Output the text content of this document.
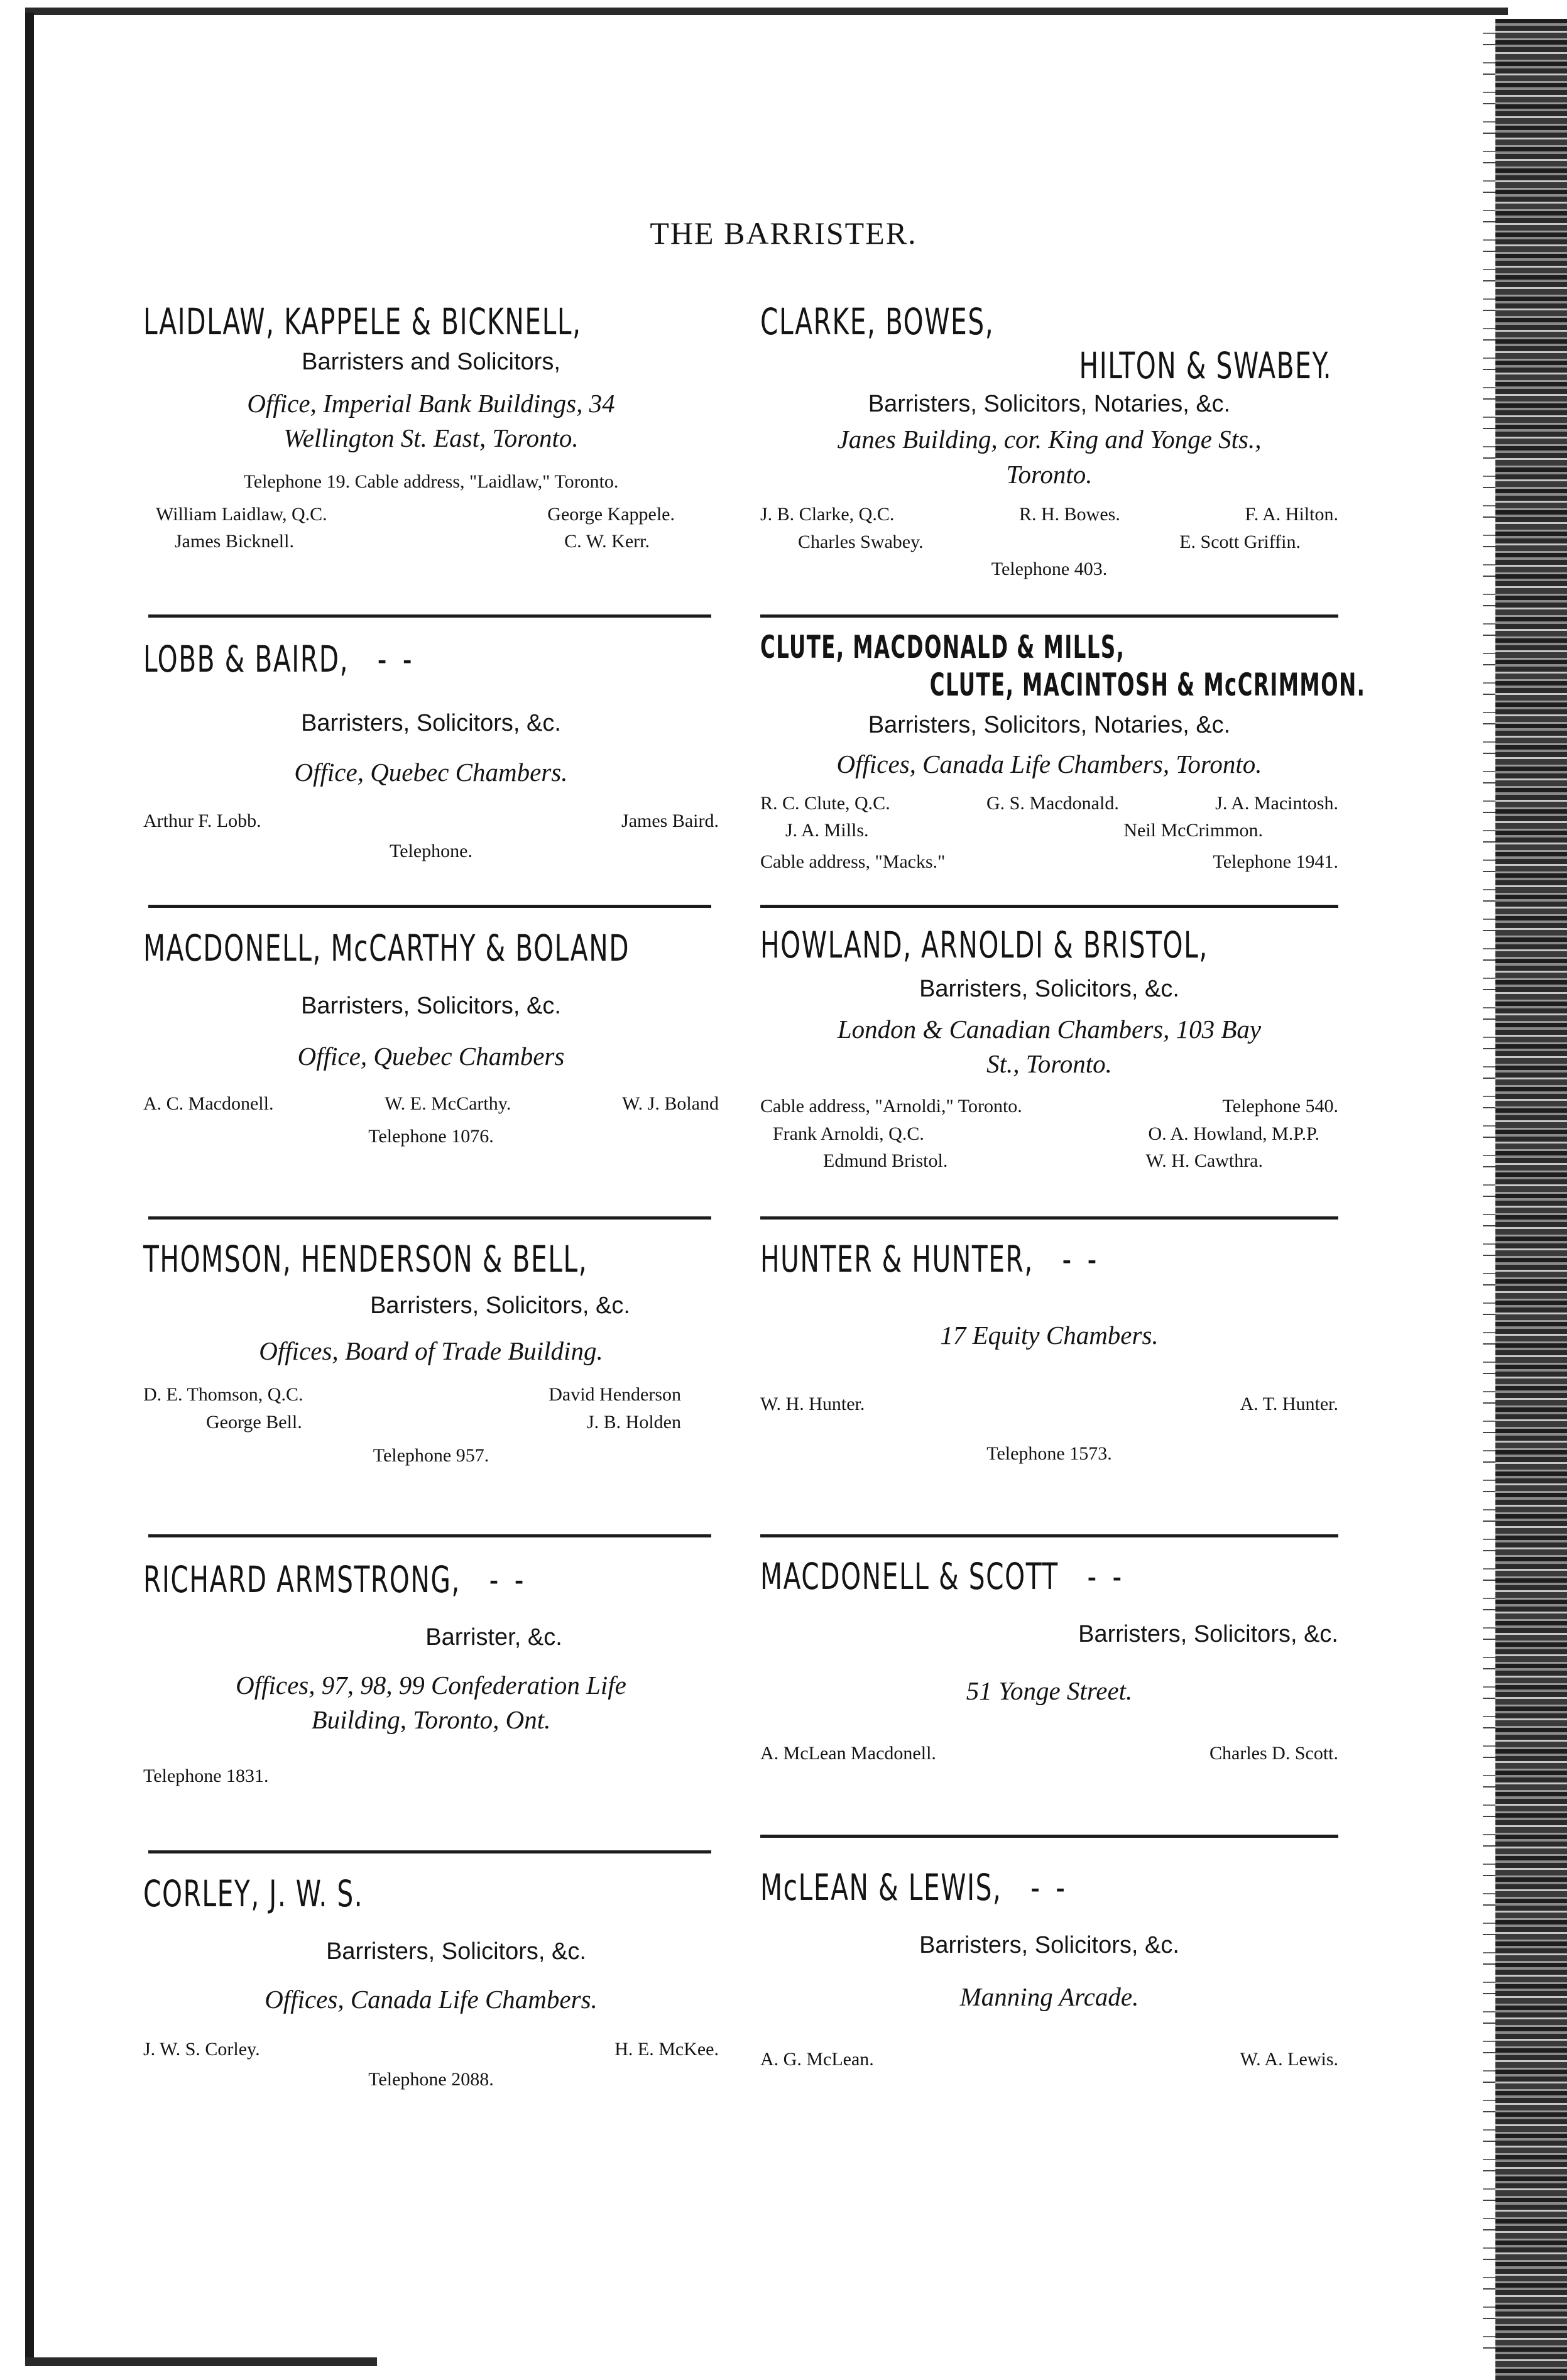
THE BARRISTER.
LAIDLAW, KAPPELE & BICKNELL,
Barristers and Solicitors,
Office, Imperial Bank Buildings, 34
Wellington St. East, Toronto.
Telephone 19. Cable address, "Laidlaw," Toronto.
William Laidlaw, Q.C.	George Kappele.
James Bicknell.	C. W. Kerr.
LOBB & BAIRD, - -
Barristers, Solicitors, &c.
Office, Quebec Chambers.
Arthur F. Lobb.	James Baird.
Telephone.
MACDONELL, McCARTHY & BOLAND
Barristers, Solicitors, &c.
Office, Quebec Chambers
A. C. Macdonell.	W. E. McCarthy.	W. J. Boland
Telephone 1076.
THOMSON, HENDERSON & BELL,
Barristers, Solicitors, &c.
Offices, Board of Trade Building.
D. E. Thomson, Q.C.	David Henderson
George Bell.	J. B. Holden
Telephone 957.
RICHARD ARMSTRONG, - -
Barrister, &c.
Offices, 97, 98, 99 Confederation Life
Building, Toronto, Ont.
Telephone 1831.
CORLEY, J. W. S.
Barristers, Solicitors, &c.
Offices, Canada Life Chambers.
J. W. S. Corley.	H. E. McKee.
Telephone 2088.
CLARKE, BOWES,
HILTON & SWABEY.
Barristers, Solicitors, Notaries, &c.
Janes Building, cor. King and Yonge Sts.,
Toronto.
J. B. Clarke, Q.C.	R. H. Bowes.	F. A. Hilton.
Charles Swabey.	E. Scott Griffin.
Telephone 403.
CLUTE, MACDONALD & MILLS,
CLUTE, MACINTOSH & McCRIMMON.
Barristers, Solicitors, Notaries, &c.
Offices, Canada Life Chambers, Toronto.
R. C. Clute, Q.C.	G. S. Macdonald.	J. A. Macintosh.
J. A. Mills.	Neil McCrimmon.
Cable address, "Macks."	Telephone 1941.
HOWLAND, ARNOLDI & BRISTOL,
Barristers, Solicitors, &c.
London & Canadian Chambers, 103 Bay
St., Toronto.
Cable address, "Arnoldi," Toronto.	Telephone 540.
Frank Arnoldi, Q.C.	O. A. Howland, M.P.P.
Edmund Bristol.	W. H. Cawthra.
HUNTER & HUNTER, - -
17 Equity Chambers.
W. H. Hunter.	A. T. Hunter.
Telephone 1573.
MACDONELL & SCOTT - -
Barristers, Solicitors, &c.
51 Yonge Street.
A. McLean Macdonell.	Charles D. Scott.
McLEAN & LEWIS, - -
Barristers, Solicitors, &c.
Manning Arcade.
A. G. McLean.	W. A. Lewis.
